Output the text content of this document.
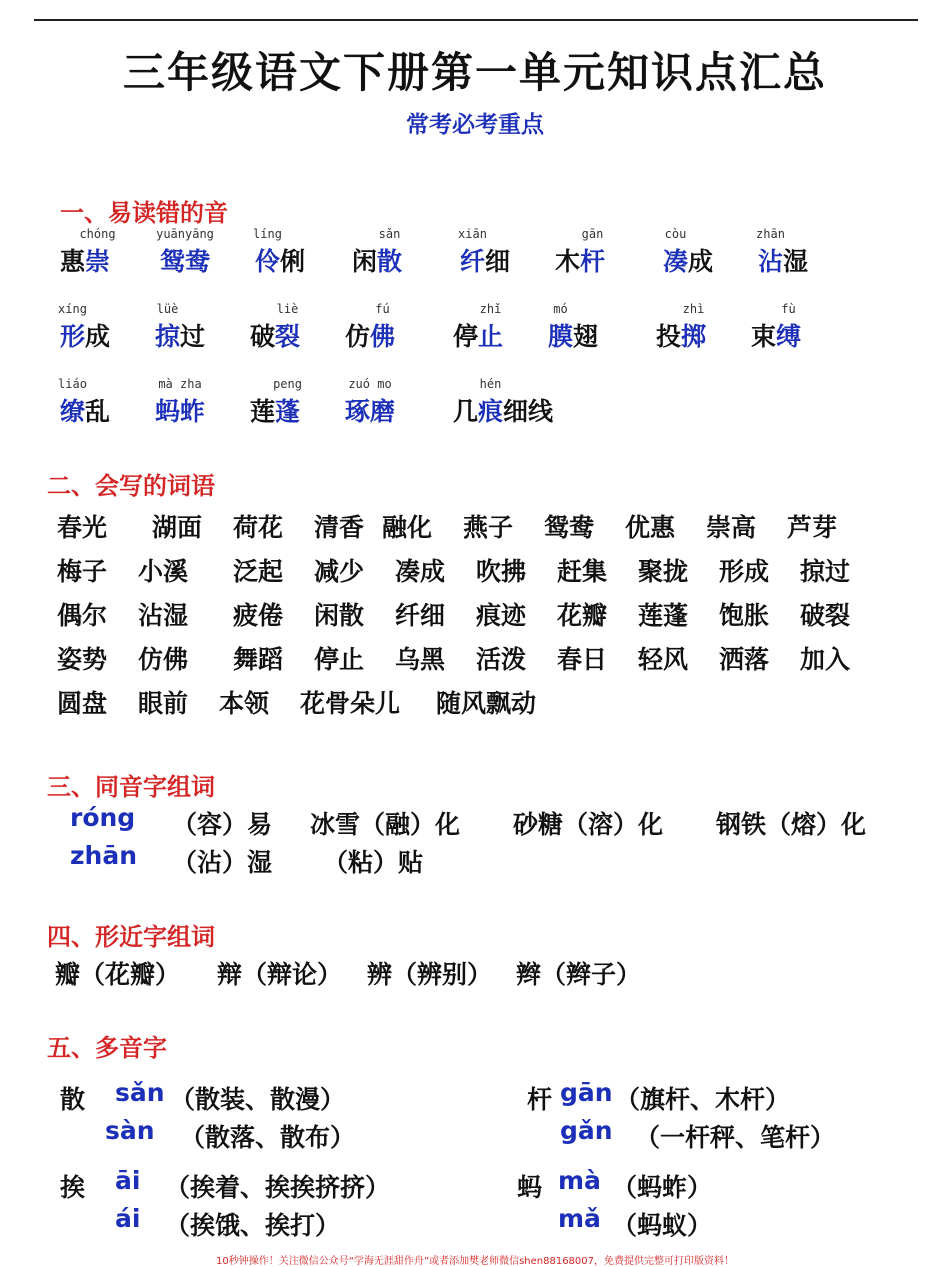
三年级语文下册第一单元知识点汇总
常考必考重点
一、易读错的音
惠崇
chóng
鸳鸯
yuānyāng
伶
líng
俐 闲散
sǎn
纤
xiān
细 木杆
gān
凑
còu
成 沾
zhān
湿
形
xíng
成 掠
lüè
过 破裂
liè
仿佛
fú
停止
zhǐ
膜
mó
翅 投掷
zhì
束缚
fù
缭
liáo
乱 蚂蚱
mà zha
莲蓬
peng
琢磨
zuó mo
几痕
hén
细线
二、会写的词语
春光 湖面 荷花 清香 融化 燕子 鸳鸯 优惠 崇高 芦芽
梅子 小溪 泛起 减少 凑成 吹拂 赶集 聚拢 形成 掠过
偶尔 沾湿 疲倦 闲散 纤细 痕迹 花瓣 莲蓬 饱胀 破裂
姿势 仿佛 舞蹈 停止 乌黑 活泼 春日 轻风 洒落 加入
圆盘 眼前 本领 花骨朵儿 随风飘动
三、同音字组词
róng （容）易 冰雪（融）化 砂糖（溶）化 钢铁（熔）化
zhān （沾）湿 （粘）贴
四、形近字组词
瓣（花瓣） 辩（辩论） 辨（辨别） 辫（辫子）
五、多音字
散 sǎn （散装、散漫）
sàn （散落、散布）
杆 gān （旗杆、木杆）
gǎn （一杆秤、笔杆）
挨 āi （挨着、挨挨挤挤）
ái （挨饿、挨打）
蚂 mà （蚂蚱）
mǎ （蚂蚁）
10秒钟操作！关注微信公众号“学海无涯甜作舟”或者添加樊老师微信shen88168007，免费提供完整可打印版资料！
